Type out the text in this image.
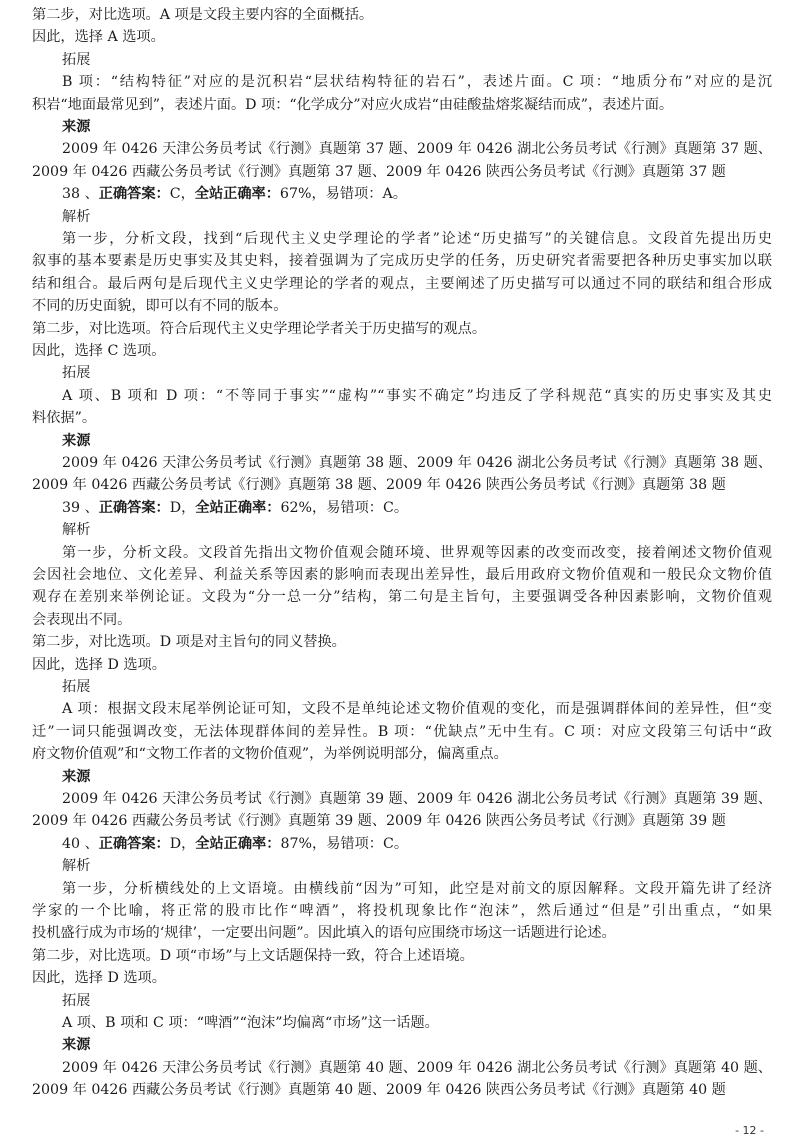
第二步，对比选项。A 项是文段主要内容的全面概括。
因此，选择 A 选项。
拓展
B 项：“结构特征”对应的是沉积岩“层状结构特征的岩石”，表述片面。C 项：“地质分布”对应的是沉
积岩“地面最常见到”，表述片面。D 项：“化学成分”对应火成岩“由硅酸盐熔浆凝结而成”，表述片面。
来源
2009 年 0426 天津公务员考试《行测》真题第 37 题、2009 年 0426 湖北公务员考试《行测》真题第 37 题、
2009 年 0426 西藏公务员考试《行测》真题第 37 题、2009 年 0426 陕西公务员考试《行测》真题第 37 题
38 、正确答案：C，全站正确率：67%，易错项：A。
解析
第一步，分析文段，找到“后现代主义史学理论的学者”论述“历史描写”的关键信息。文段首先提出历史
叙事的基本要素是历史事实及其史料，接着强调为了完成历史学的任务，历史研究者需要把各种历史事实加以联
结和组合。最后两句是后现代主义史学理论的学者的观点，主要阐述了历史描写可以通过不同的联结和组合形成
不同的历史面貌，即可以有不同的版本。
第二步，对比选项。符合后现代主义史学理论学者关于历史描写的观点。
因此，选择 C 选项。
拓展
A 项、B 项和 D 项：“不等同于事实”“虚构”“事实不确定”均违反了学科规范“真实的历史事实及其史
料依据”。
来源
2009 年 0426 天津公务员考试《行测》真题第 38 题、2009 年 0426 湖北公务员考试《行测》真题第 38 题、
2009 年 0426 西藏公务员考试《行测》真题第 38 题、2009 年 0426 陕西公务员考试《行测》真题第 38 题
39 、正确答案：D，全站正确率：62%，易错项：C。
解析
第一步，分析文段。文段首先指出文物价值观会随环境、世界观等因素的改变而改变，接着阐述文物价值观
会因社会地位、文化差异、利益关系等因素的影响而表现出差异性，最后用政府文物价值观和一般民众文物价值
观存在差别来举例论证。文段为“分一总一分”结构，第二句是主旨句，主要强调受各种因素影响，文物价值观
会表现出不同。
第二步，对比选项。D 项是对主旨句的同义替换。
因此，选择 D 选项。
拓展
A 项：根据文段末尾举例论证可知，文段不是单纯论述文物价值观的变化，而是强调群体间的差异性，但“变
迁”一词只能强调改变，无法体现群体间的差异性。B 项：“优缺点”无中生有。C 项：对应文段第三句话中“政
府文物价值观”和“文物工作者的文物价值观”，为举例说明部分，偏离重点。
来源
2009 年 0426 天津公务员考试《行测》真题第 39 题、2009 年 0426 湖北公务员考试《行测》真题第 39 题、
2009 年 0426 西藏公务员考试《行测》真题第 39 题、2009 年 0426 陕西公务员考试《行测》真题第 39 题
40 、正确答案：D，全站正确率：87%，易错项：C。
解析
第一步，分析横线处的上文语境。由横线前“因为”可知，此空是对前文的原因解释。文段开篇先讲了经济
学家的一个比喻，将正常的股市比作“啤酒”，将投机现象比作“泡沫”，然后通过“但是”引出重点，“如果
投机盛行成为市场的‘规律’，一定要出问题”。因此填入的语句应围绕市场这一话题进行论述。
第二步，对比选项。D 项“市场”与上文话题保持一致，符合上述语境。
因此，选择 D 选项。
拓展
A 项、B 项和 C 项：“啤酒”“泡沫”均偏离“市场”这一话题。
来源
2009 年 0426 天津公务员考试《行测》真题第 40 题、2009 年 0426 湖北公务员考试《行测》真题第 40 题、
2009 年 0426 西藏公务员考试《行测》真题第 40 题、2009 年 0426 陕西公务员考试《行测》真题第 40 题
- 12 -
